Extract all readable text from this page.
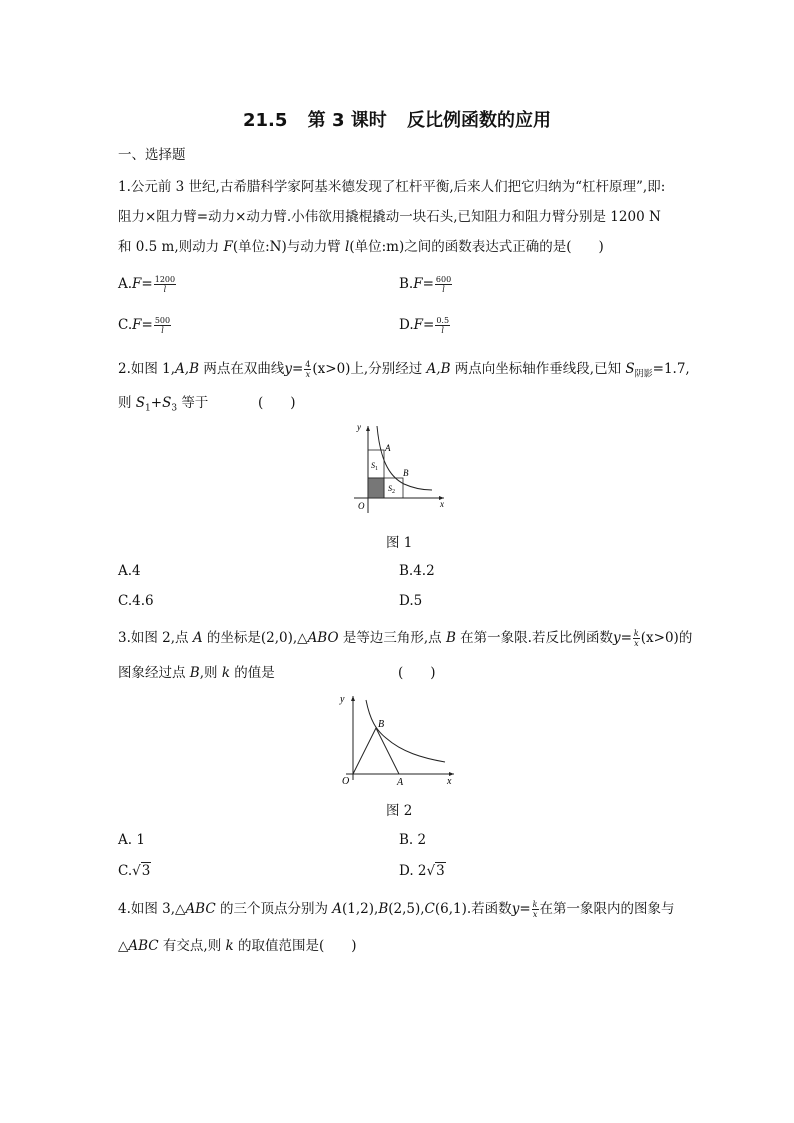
21.5 第 3 课时 反比例函数的应用
一、选择题
1.公元前 3 世纪,古希腊科学家阿基米德发现了杠杆平衡,后来人们把它归纳为“杠杆原理”,即:
阻力×阻力臂=动力×动力臂.小伟欲用撬棍撬动一块石头,已知阻力和阻力臂分别是 1200 N
和 0.5 m,则动力 F(单位:N)与动力臂 l(单位:m)之间的函数表达式正确的是(　　)
$A.F= \frac{1200}{l}$	$B.F= \frac{600}{l}$
$C.F= \frac{500}{l}$	$D.F= \frac{0.5}{l}$
2.如图 1,A,B 两点在双曲线$y= \frac{4}{x} (x>0)$上,分别经过 A,B 两点向坐标轴作垂线段,已知 $S_{阴影}=1.7$,
则 $S_1+S_3$ 等于	(　　)
y
x
O
A
B
$S_1$
$S_2$
图 1
A.4	B.4.2
C.4.6	D.5
3.如图 2,点 A 的坐标是(2,0),△ABO 是等边三角形,点 B 在第一象限.若反比例函数$y= \frac{k}{x} (x>0)$的
图象经过点 B,则 k 的值是	(　　)
y
x
O	A
B
图 2
A. 1	B. 2
C.√3	D. 2√3
4.如图 3,△ABC 的三个顶点分别为 A(1,2),B(2,5),C(6,1).若函数$y= \frac{k}{x}$ 在第一象限内的图象与
△ABC 有交点,则 k 的取值范围是(　　)
